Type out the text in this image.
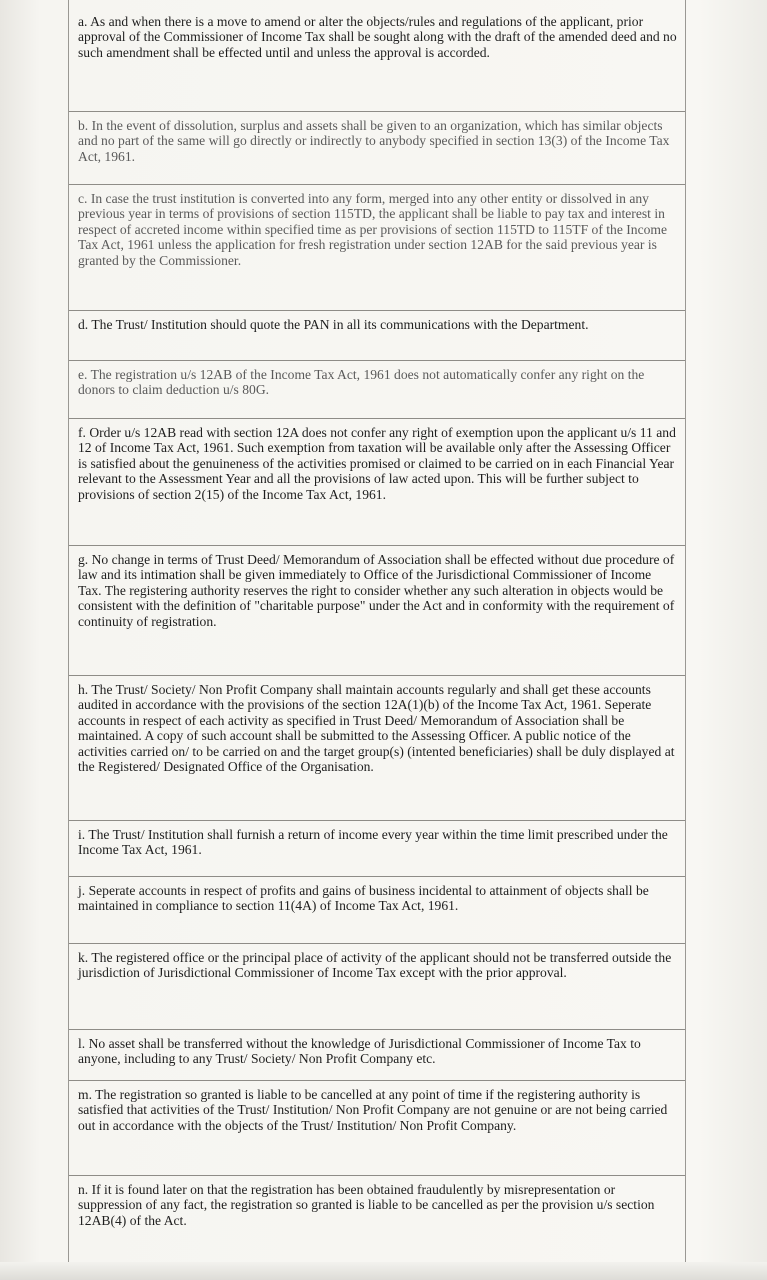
a. As and when there is a move to amend or alter the objects/rules and regulations of the applicant, prior approval of the Commissioner of Income Tax shall be sought along with the draft of the amended deed and no such amendment shall be effected until and unless the approval is accorded.
b. In the event of dissolution, surplus and assets shall be given to an organization, which has similar objects and no part of the same will go directly or indirectly to anybody specified in section 13(3) of the Income Tax Act, 1961.
c. In case the trust institution is converted into any form, merged into any other entity or dissolved in any previous year in terms of provisions of section 115TD, the applicant shall be liable to pay tax and interest in respect of accreted income within specified time as per provisions of section 115TD to 115TF of the Income Tax Act, 1961 unless the application for fresh registration under section 12AB for the said previous year is granted by the Commissioner.
d. The Trust/ Institution should quote the PAN in all its communications with the Department.
e. The registration u/s 12AB of the Income Tax Act, 1961 does not automatically confer any right on the donors to claim deduction u/s 80G.
f. Order u/s 12AB read with section 12A does not confer any right of exemption upon the applicant u/s 11 and 12 of Income Tax Act, 1961. Such exemption from taxation will be available only after the Assessing Officer is satisfied about the genuineness of the activities promised or claimed to be carried on in each Financial Year relevant to the Assessment Year and all the provisions of law acted upon. This will be further subject to provisions of section 2(15) of the Income Tax Act, 1961.
g. No change in terms of Trust Deed/ Memorandum of Association shall be effected without due procedure of law and its intimation shall be given immediately to Office of the Jurisdictional Commissioner of Income Tax. The registering authority reserves the right to consider whether any such alteration in objects would be consistent with the definition of "charitable purpose" under the Act and in conformity with the requirement of continuity of registration.
h. The Trust/ Society/ Non Profit Company shall maintain accounts regularly and shall get these accounts audited in accordance with the provisions of the section 12A(1)(b) of the Income Tax Act, 1961. Seperate accounts in respect of each activity as specified in Trust Deed/ Memorandum of Association shall be maintained. A copy of such account shall be submitted to the Assessing Officer. A public notice of the activities carried on/ to be carried on and the target group(s) (intented beneficiaries) shall be duly displayed at the Registered/ Designated Office of the Organisation.
i. The Trust/ Institution shall furnish a return of income every year within the time limit prescribed under the Income Tax Act, 1961.
j. Seperate accounts in respect of profits and gains of business incidental to attainment of objects shall be maintained in compliance to section 11(4A) of Income Tax Act, 1961.
k. The registered office or the principal place of activity of the applicant should not be transferred outside the jurisdiction of Jurisdictional Commissioner of Income Tax except with the prior approval.
l. No asset shall be transferred without the knowledge of Jurisdictional Commissioner of Income Tax to anyone, including to any Trust/ Society/ Non Profit Company etc.
m. The registration so granted is liable to be cancelled at any point of time if the registering authority is satisfied that activities of the Trust/ Institution/ Non Profit Company are not genuine or are not being carried out in accordance with the objects of the Trust/ Institution/ Non Profit Company.
n. If it is found later on that the registration has been obtained fraudulently by misrepresentation or suppression of any fact, the registration so granted is liable to be cancelled as per the provision u/s section 12AB(4) of the Act.
